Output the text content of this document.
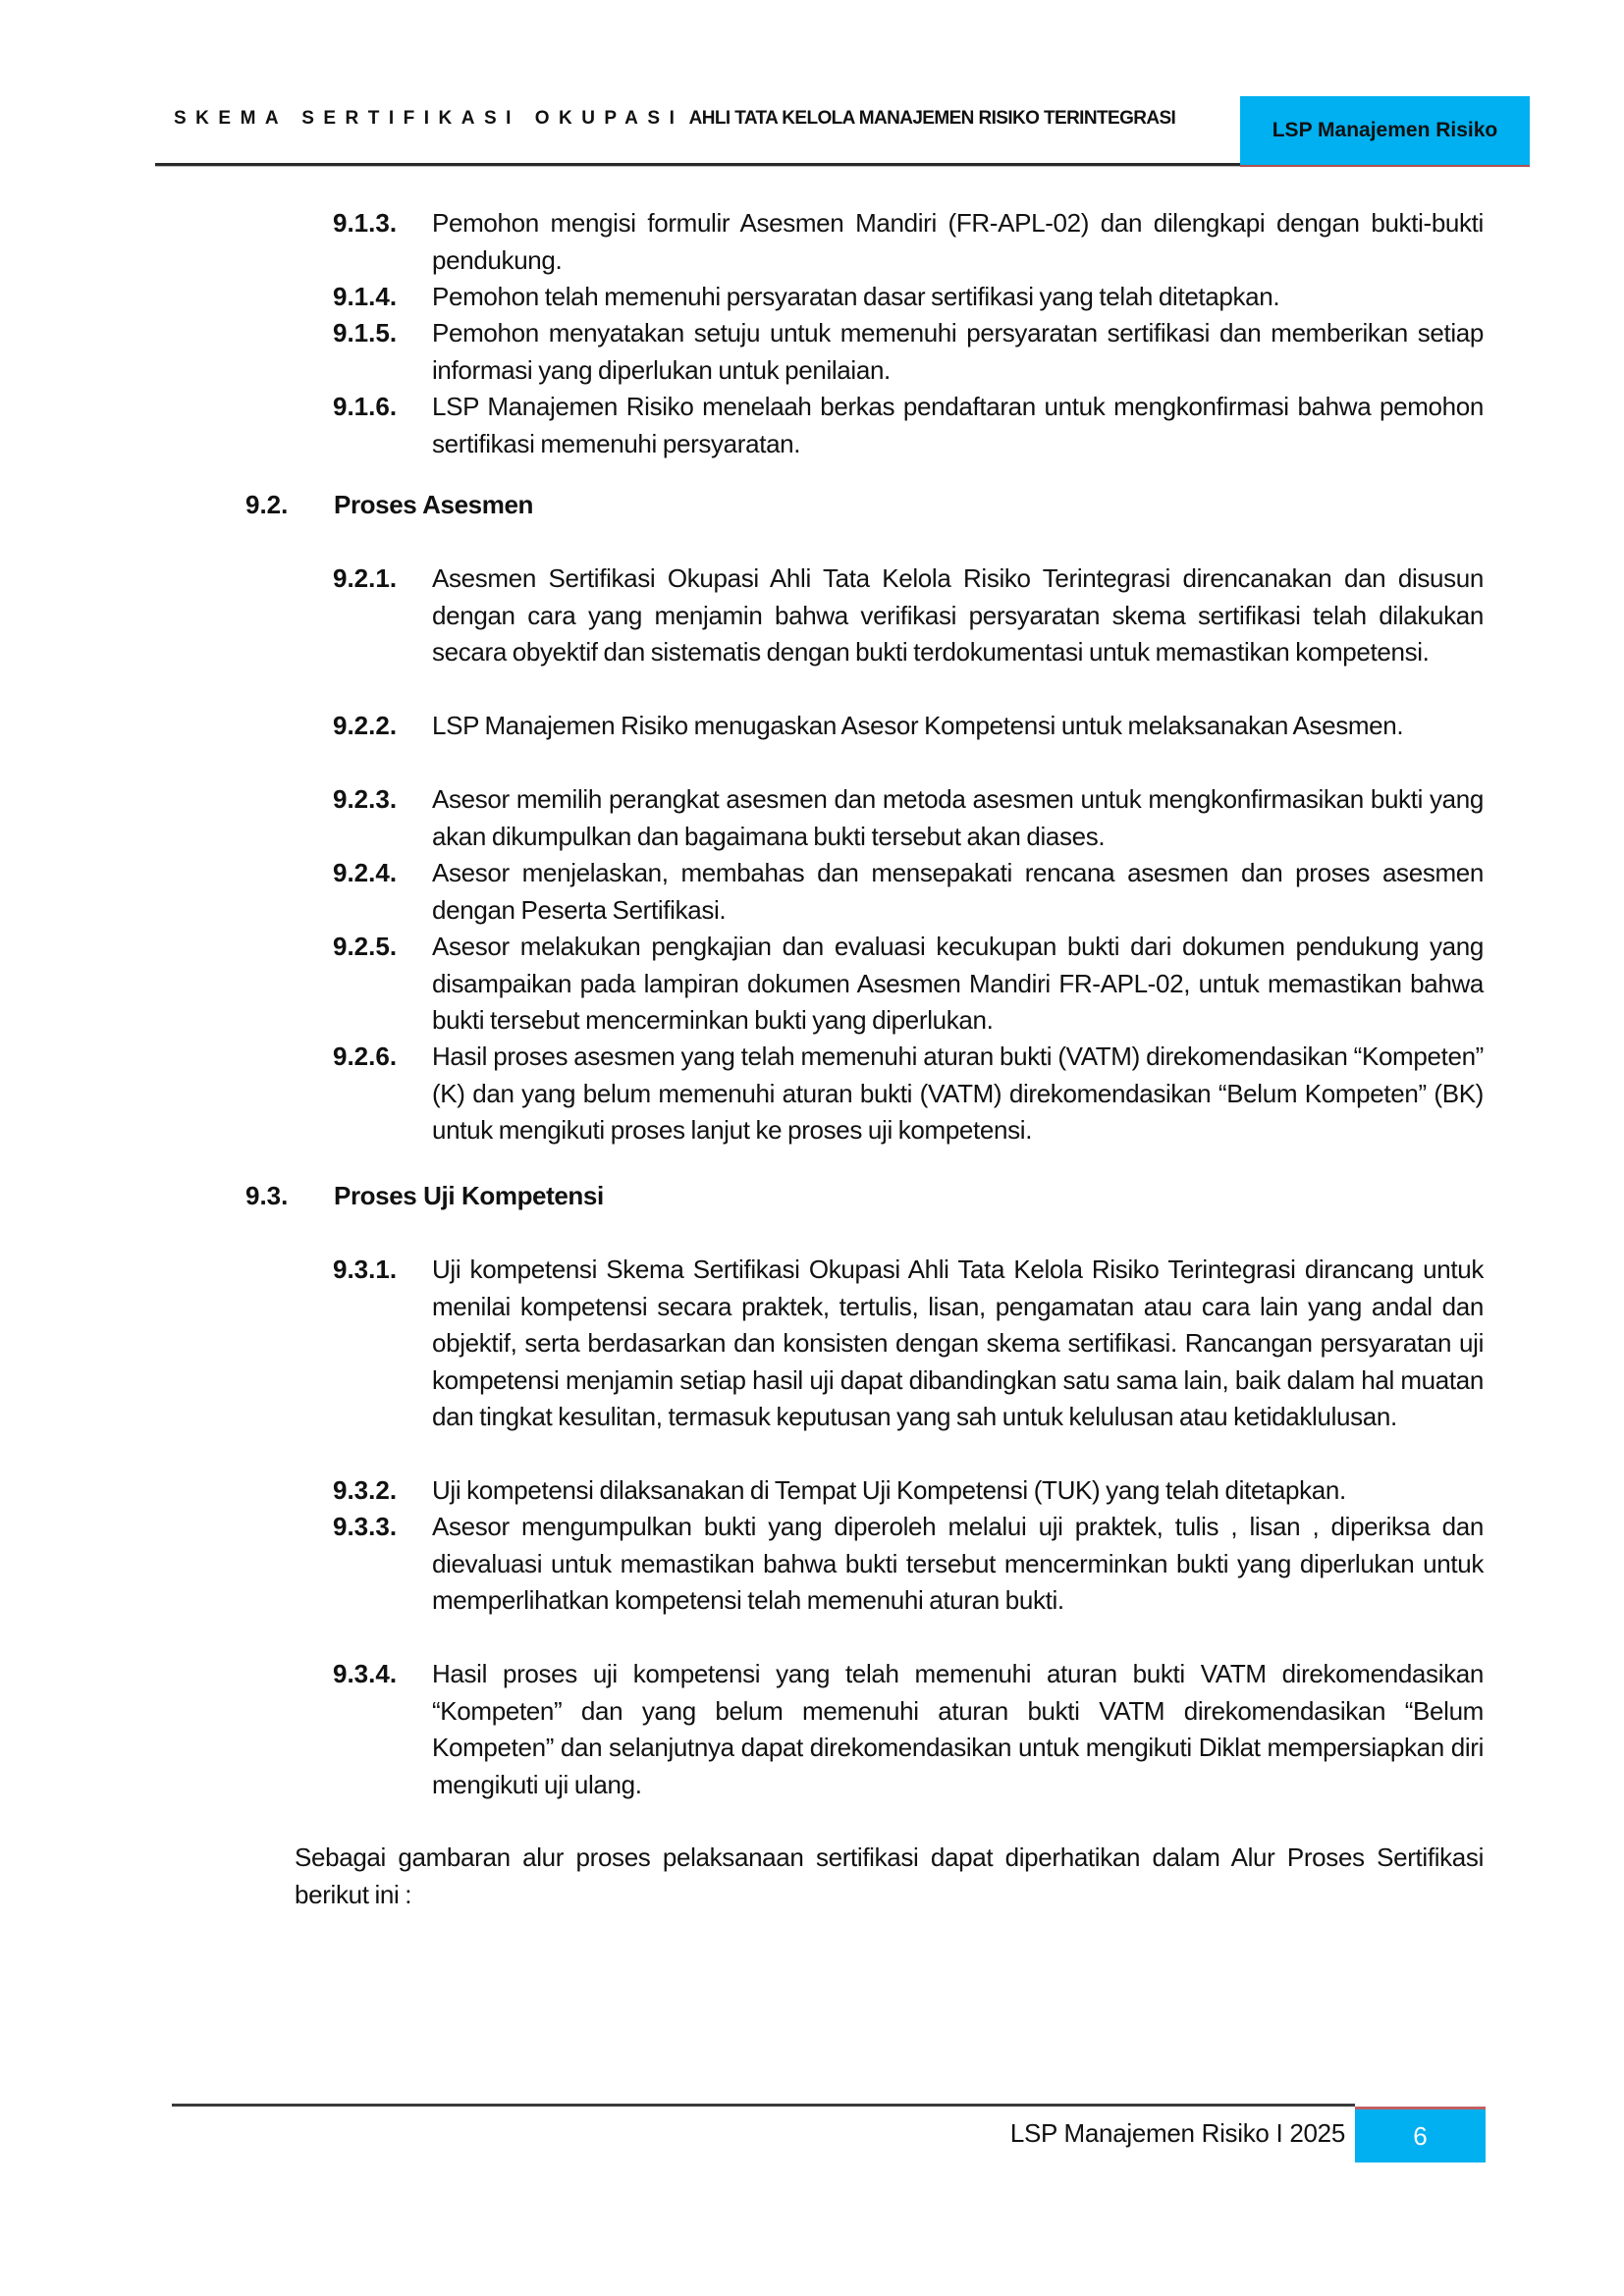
SKEMA SERTIFIKASI OKUPASI AHLI TATA KELOLA MANAJEMEN RISIKO TERINTEGRASI
LSP Manajemen Risiko
9.1.3. Pemohon mengisi formulir Asesmen Mandiri (FR-APL-02) dan dilengkapi dengan bukti-bukti pendukung.
9.1.4. Pemohon telah memenuhi persyaratan dasar sertifikasi yang telah ditetapkan.
9.1.5. Pemohon menyatakan setuju untuk memenuhi persyaratan sertifikasi dan memberikan setiap informasi yang diperlukan untuk penilaian.
9.1.6. LSP Manajemen Risiko menelaah berkas pendaftaran untuk mengkonfirmasi bahwa pemohon sertifikasi memenuhi persyaratan.
9.2. Proses Asesmen
9.2.1. Asesmen Sertifikasi Okupasi Ahli Tata Kelola Risiko Terintegrasi direncanakan dan disusun dengan cara yang menjamin bahwa verifikasi persyaratan skema sertifikasi telah dilakukan secara obyektif dan sistematis dengan bukti terdokumentasi untuk memastikan kompetensi.
9.2.2. LSP Manajemen Risiko menugaskan Asesor Kompetensi untuk melaksanakan Asesmen.
9.2.3. Asesor memilih perangkat asesmen dan metoda asesmen untuk mengkonfirmasikan bukti yang akan dikumpulkan dan bagaimana bukti tersebut akan diases.
9.2.4. Asesor menjelaskan, membahas dan mensepakati rencana asesmen dan proses asesmen dengan Peserta Sertifikasi.
9.2.5. Asesor melakukan pengkajian dan evaluasi kecukupan bukti dari dokumen pendukung yang disampaikan pada lampiran dokumen Asesmen Mandiri FR-APL-02, untuk memastikan bahwa bukti tersebut mencerminkan bukti yang diperlukan.
9.2.6. Hasil proses asesmen yang telah memenuhi aturan bukti (VATM) direkomendasikan “Kompeten” (K) dan yang belum memenuhi aturan bukti (VATM) direkomendasikan “Belum Kompeten” (BK) untuk mengikuti proses lanjut ke proses uji kompetensi.
9.3. Proses Uji Kompetensi
9.3.1. Uji kompetensi Skema Sertifikasi Okupasi Ahli Tata Kelola Risiko Terintegrasi dirancang untuk menilai kompetensi secara praktek, tertulis, lisan, pengamatan atau cara lain yang andal dan objektif, serta berdasarkan dan konsisten dengan skema sertifikasi. Rancangan persyaratan uji kompetensi menjamin setiap hasil uji dapat dibandingkan satu sama lain, baik dalam hal muatan dan tingkat kesulitan, termasuk keputusan yang sah untuk kelulusan atau ketidaklulusan.
9.3.2. Uji kompetensi dilaksanakan di Tempat Uji Kompetensi (TUK) yang telah ditetapkan.
9.3.3. Asesor mengumpulkan bukti yang diperoleh melalui uji praktek, tulis , lisan , diperiksa dan dievaluasi untuk memastikan bahwa bukti tersebut mencerminkan bukti yang diperlukan untuk memperlihatkan kompetensi telah memenuhi aturan bukti.
9.3.4. Hasil proses uji kompetensi yang telah memenuhi aturan bukti VATM direkomendasikan “Kompeten” dan yang belum memenuhi aturan bukti VATM direkomendasikan “Belum Kompeten” dan selanjutnya dapat direkomendasikan untuk mengikuti Diklat mempersiapkan diri mengikuti uji ulang.
Sebagai gambaran alur proses pelaksanaan sertifikasi dapat diperhatikan dalam Alur Proses Sertifikasi berikut ini :
LSP Manajemen Risiko I 2025	6
